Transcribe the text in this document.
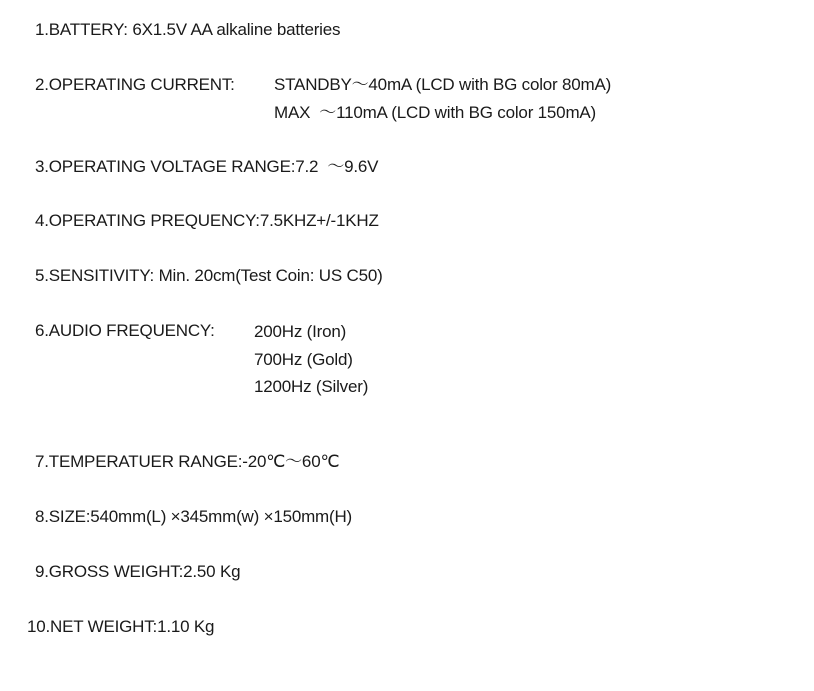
1.BATTERY: 6X1.5V AA alkaline batteries
2.OPERATING CURRENT: STANDBY～40mA (LCD with BG color 80mA)
MAX  ～110mA (LCD with BG color 150mA)
3.OPERATING VOLTAGE RANGE:7.2  ～9.6V
4.OPERATING PREQUENCY:7.5KHZ+/-1KHZ
5.SENSITIVITY: Min. 20cm(Test Coin: US C50)
6.AUDIO FREQUENCY: 200Hz (Iron)
700Hz (Gold)
1200Hz (Silver)
7.TEMPERATUER RANGE:-20℃～60℃
8.SIZE:540mm(L) ×345mm(w) ×150mm(H)
9.GROSS WEIGHT:2.50 Kg
10.NET WEIGHT:1.10 Kg
